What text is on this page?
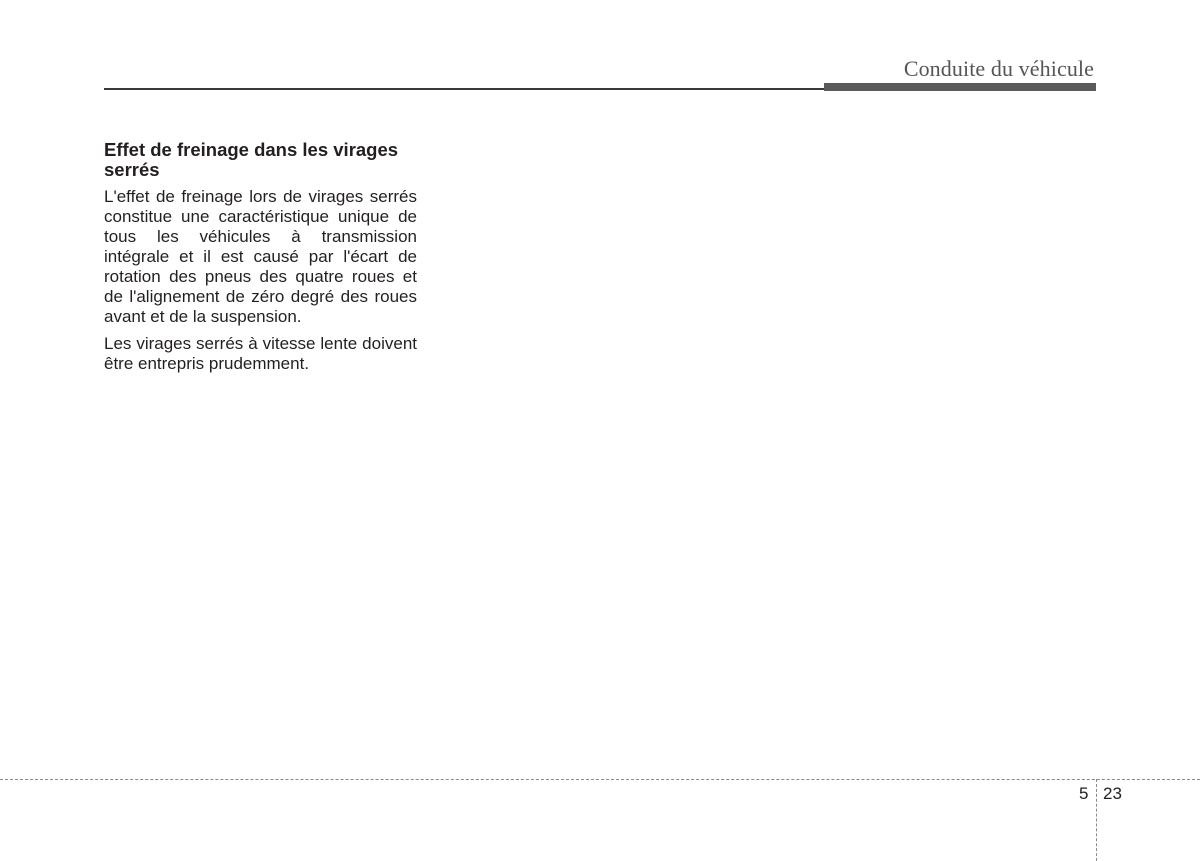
Conduite du véhicule
Effet de freinage dans les virages serrés

L'effet de freinage lors de virages serrés constitue une caractéristique unique de tous les véhicules à transmission intégrale et il est causé par l'écart de rotation des pneus des quatre roues et de l'alignement de zéro degré des roues avant et de la suspension.

Les virages serrés à vitesse lente doivent être entrepris prudemment.

5 23
